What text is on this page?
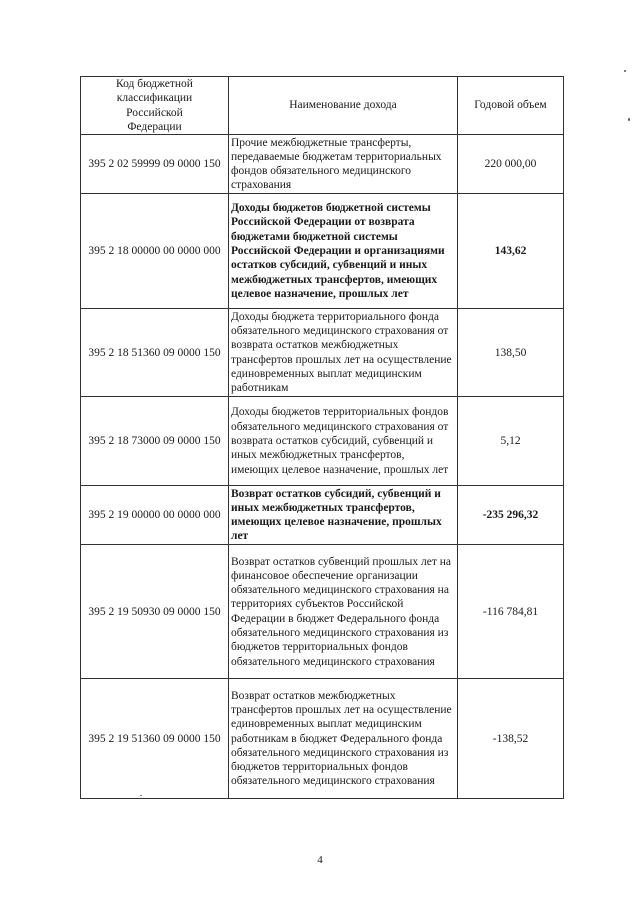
Код бюджетной классификации Российской Федерации	Наименование дохода	Годовой объем
395 2 02 59999 09 0000 150	Прочие межбюджетные трансферты, передаваемые бюджетам территориальных фондов обязательного медицинского страхования	220 000,00
395 2 18 00000 00 0000 000	Доходы бюджетов бюджетной системы Российской Федерации от возврата бюджетами бюджетной системы Российской Федерации и организациями остатков субсидий, субвенций и иных межбюджетных трансфертов, имеющих целевое назначение, прошлых лет	143,62
395 2 18 51360 09 0000 150	Доходы бюджета территориального фонда обязательного медицинского страхования от возврата остатков межбюджетных трансфертов прошлых лет на осуществление единовременных выплат медицинским работникам	138,50
395 2 18 73000 09 0000 150	Доходы бюджетов территориальных фондов обязательного медицинского страхования от возврата остатков субсидий, субвенций и иных межбюджетных трансфертов, имеющих целевое назначение, прошлых лет	5,12
395 2 19 00000 00 0000 000	Возврат остатков субсидий, субвенций и иных межбюджетных трансфертов, имеющих целевое назначение, прошлых лет	-235 296,32
395 2 19 50930 09 0000 150	Возврат остатков субвенций прошлых лет на финансовое обеспечение организации обязательного медицинского страхования на территориях субъектов Российской Федерации в бюджет Федерального фонда обязательного медицинского страхования из бюджетов территориальных фондов обязательного медицинского страхования	-116 784,81
395 2 19 51360 09 0000 150	Возврат остатков межбюджетных трансфертов прошлых лет на осуществление единовременных выплат медицинским работникам в бюджет Федерального фонда обязательного медицинского страхования из бюджетов территориальных фондов обязательного медицинского страхования	-138,52
4
